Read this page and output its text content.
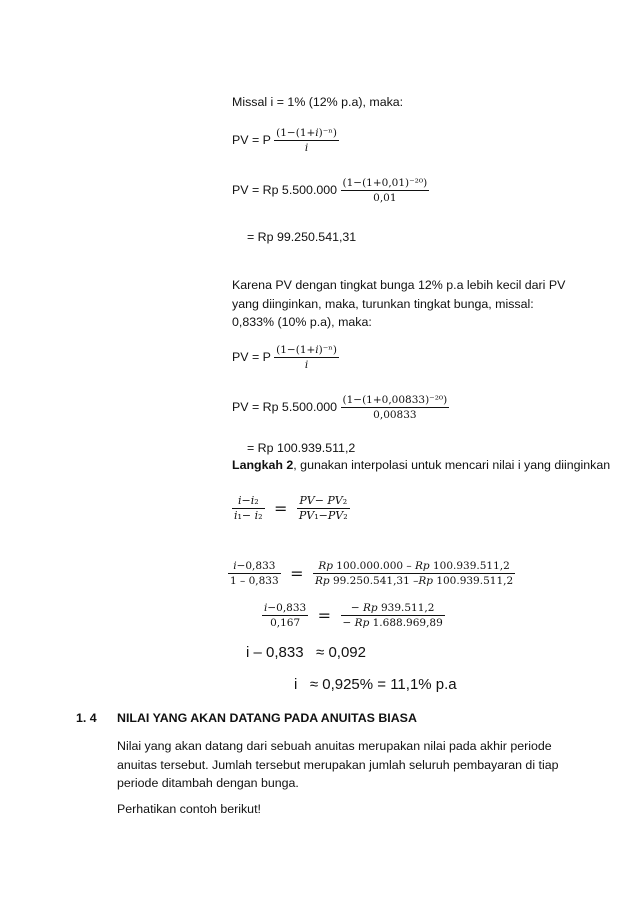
Missal i = 1% (12% p.a), maka:
PV = P $\frac{\text{(1−(1+𝑖)⁻ⁿ)}}{\text{𝑖}}$
PV = Rp $5.500.000 \frac{\text{(1−(1+0,01)⁻²⁰)}}{0,01}$
= Rp 99.250.541,31
Karena PV dengan tingkat bunga 12% p.a lebih kecil dari PV yang diinginkan, maka, turunkan tingkat bunga, missal: 0,833% (10% p.a), maka:
PV = P $\frac{\text{(1−(1+𝑖)⁻ⁿ)}}{\text{𝑖}}$
PV = Rp $5.500.000 \frac{\text{(1−(1+0,00833)⁻²⁰)}}{0,00833}$
= Rp 100.939.511,2
Langkah 2, gunakan interpolasi untuk mencari nilai i yang diinginkan
$\frac{\text{𝑖−𝑖₂}}{\text{𝑖₁− 𝑖₂}} = \frac{\text{𝑃𝑉− 𝑃𝑉₂}}{\text{𝑃𝑉₁−𝑃𝑉₂}}$
$\frac{\text{𝑖−0,833}}{1 - 0,833} = \frac{\text{𝑅𝑝 100.000.000 – 𝑅𝑝 100.939.511,2}}{\text{𝑅𝑝 99.250.541,31 –𝑅𝑝 100.939.511,2}}$
$\frac{\text{𝑖−0,833}}{0,167} = \frac{\text{− 𝑅𝑝 939.511,2}}{\text{− 𝑅𝑝 1.688.969,89}}$
i – 0,833   ≈ 0,092
i   ≈ 0,925% = 11,1% p.a
1. 4 NILAI YANG AKAN DATANG PADA ANUITAS BIASA
Nilai yang akan datang dari sebuah anuitas merupakan nilai pada akhir periode anuitas tersebut. Jumlah tersebut merupakan jumlah seluruh pembayaran di tiap periode ditambah dengan bunga.
Perhatikan contoh berikut!
